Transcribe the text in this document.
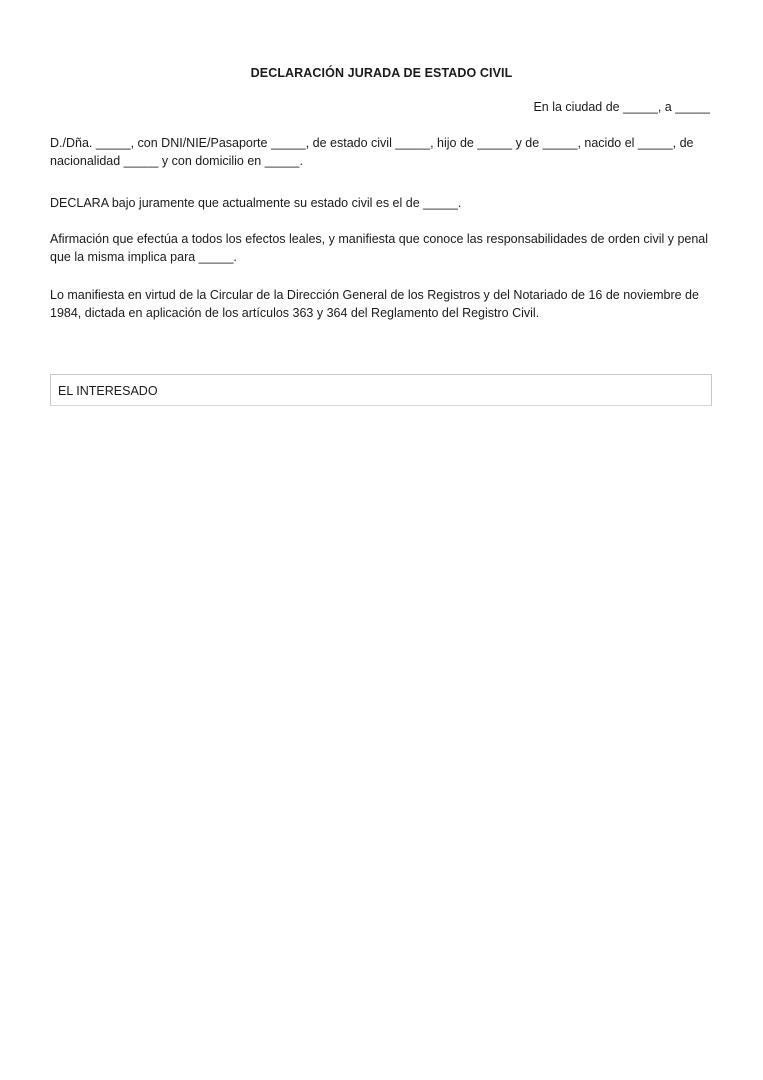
DECLARACIÓN JURADA DE ESTADO CIVIL

En la ciudad de _____, a _____

D./Dña. _____, con DNI/NIE/Pasaporte _____, de estado civil _____, hijo de _____ y de _____, nacido el _____, de nacionalidad _____ y con domicilio en _____.

DECLARA bajo juramente que actualmente su estado civil es el de _____.

Afirmación que efectúa a todos los efectos leales, y manifiesta que conoce las responsabilidades de orden civil y penal que la misma implica para _____.

Lo manifiesta en virtud de la Circular de la Dirección General de los Registros y del Notariado de 16 de noviembre de 1984, dictada en aplicación de los artículos 363 y 364 del Reglamento del Registro Civil.

EL INTERESADO
